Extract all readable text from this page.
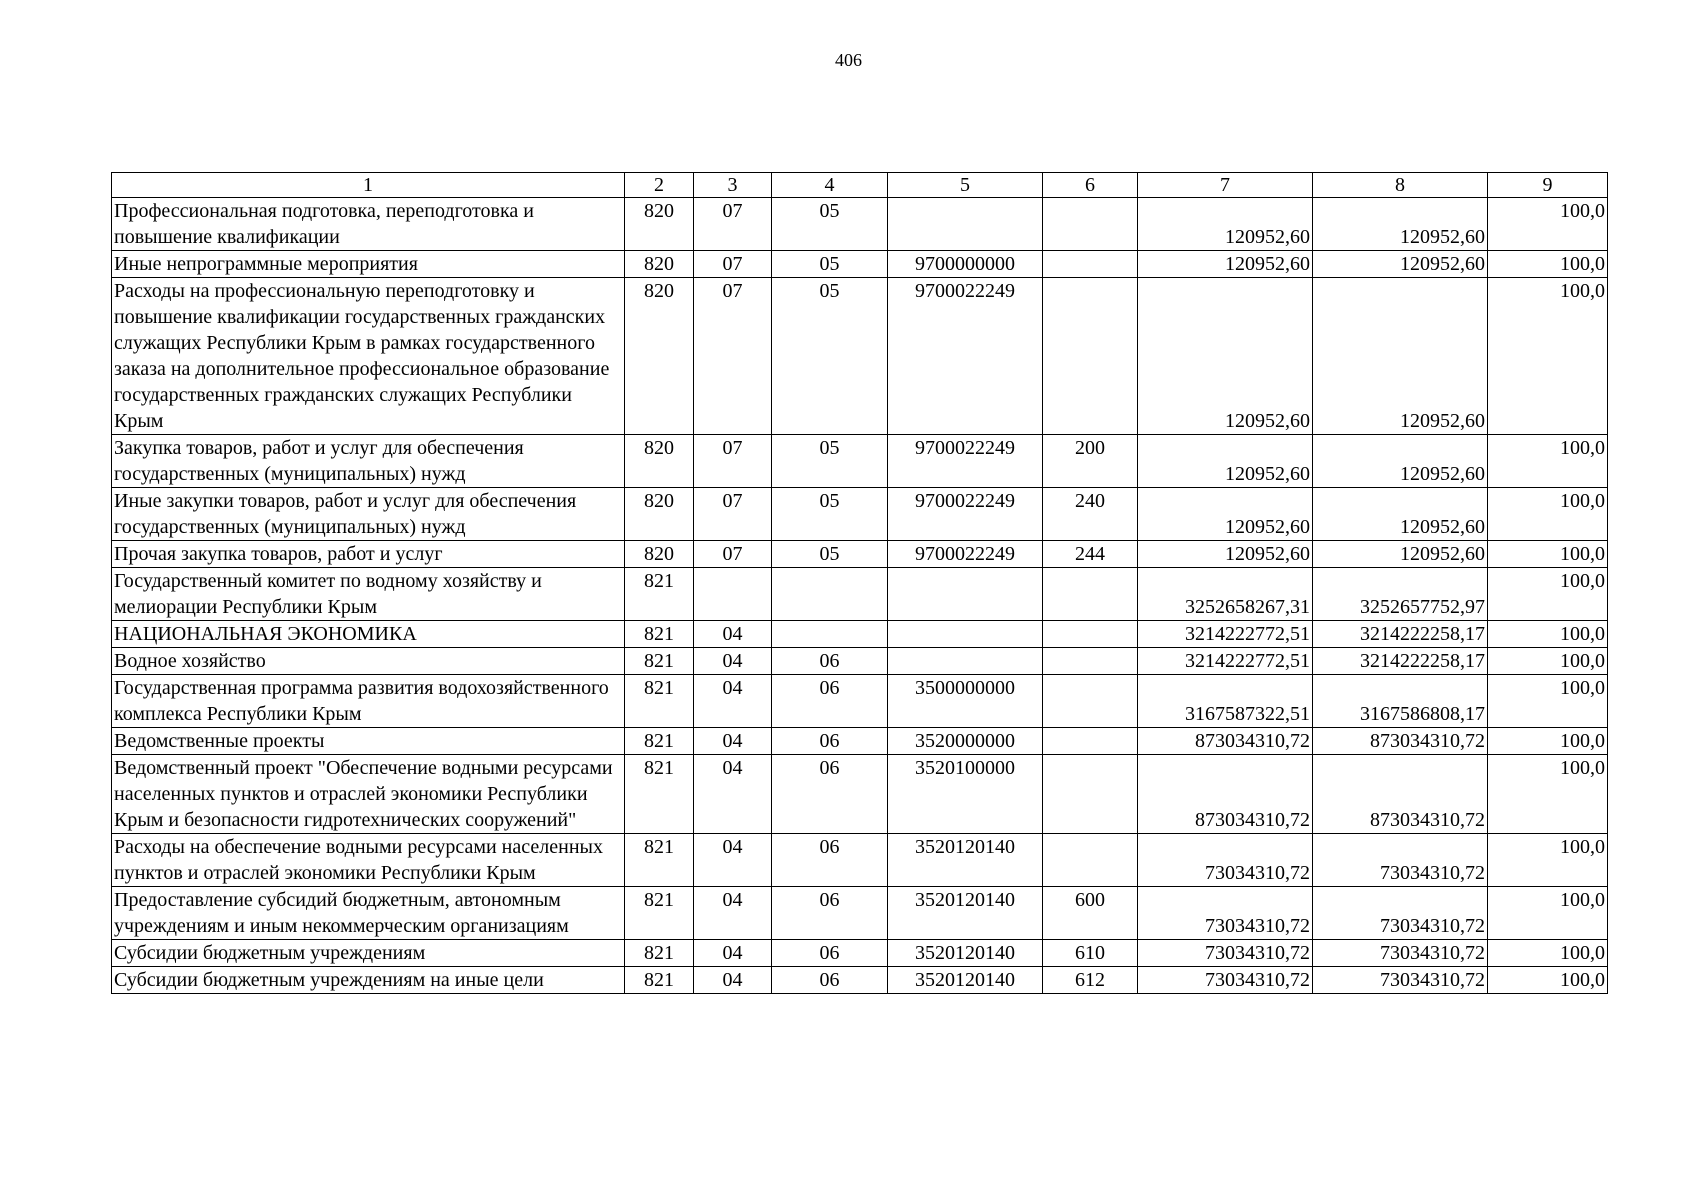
406
1	2	3	4	5	6	7	8	9
Профессиональная подготовка, переподготовка и повышение квалификации	820	07	05			120952,60	120952,60	100,0
Иные непрограммные мероприятия	820	07	05	9700000000		120952,60	120952,60	100,0
Расходы на профессиональную переподготовку и повышение квалификации государственных гражданских служащих Республики Крым в рамках государственного заказа на дополнительное профессиональное образование государственных гражданских служащих Республики Крым	820	07	05	9700022249		120952,60	120952,60	100,0
Закупка товаров, работ и услуг для обеспечения государственных (муниципальных) нужд	820	07	05	9700022249	200	120952,60	120952,60	100,0
Иные закупки товаров, работ и услуг для обеспечения государственных (муниципальных) нужд	820	07	05	9700022249	240	120952,60	120952,60	100,0
Прочая закупка товаров, работ и услуг	820	07	05	9700022249	244	120952,60	120952,60	100,0
Государственный комитет по водному хозяйству и мелиорации Республики Крым	821					3252658267,31	3252657752,97	100,0
НАЦИОНАЛЬНАЯ ЭКОНОМИКА	821	04				3214222772,51	3214222258,17	100,0
Водное хозяйство	821	04	06			3214222772,51	3214222258,17	100,0
Государственная программа развития водохозяйственного комплекса Республики Крым	821	04	06	3500000000		3167587322,51	3167586808,17	100,0
Ведомственные проекты	821	04	06	3520000000		873034310,72	873034310,72	100,0
Ведомственный проект "Обеспечение водными ресурсами населенных пунктов и отраслей экономики Республики Крым и безопасности гидротехнических сооружений"	821	04	06	3520100000		873034310,72	873034310,72	100,0
Расходы на обеспечение водными ресурсами населенных пунктов и отраслей экономики Республики Крым	821	04	06	3520120140		73034310,72	73034310,72	100,0
Предоставление субсидий бюджетным, автономным учреждениям и иным некоммерческим организациям	821	04	06	3520120140	600	73034310,72	73034310,72	100,0
Субсидии бюджетным учреждениям	821	04	06	3520120140	610	73034310,72	73034310,72	100,0
Субсидии бюджетным учреждениям на иные цели	821	04	06	3520120140	612	73034310,72	73034310,72	100,0
